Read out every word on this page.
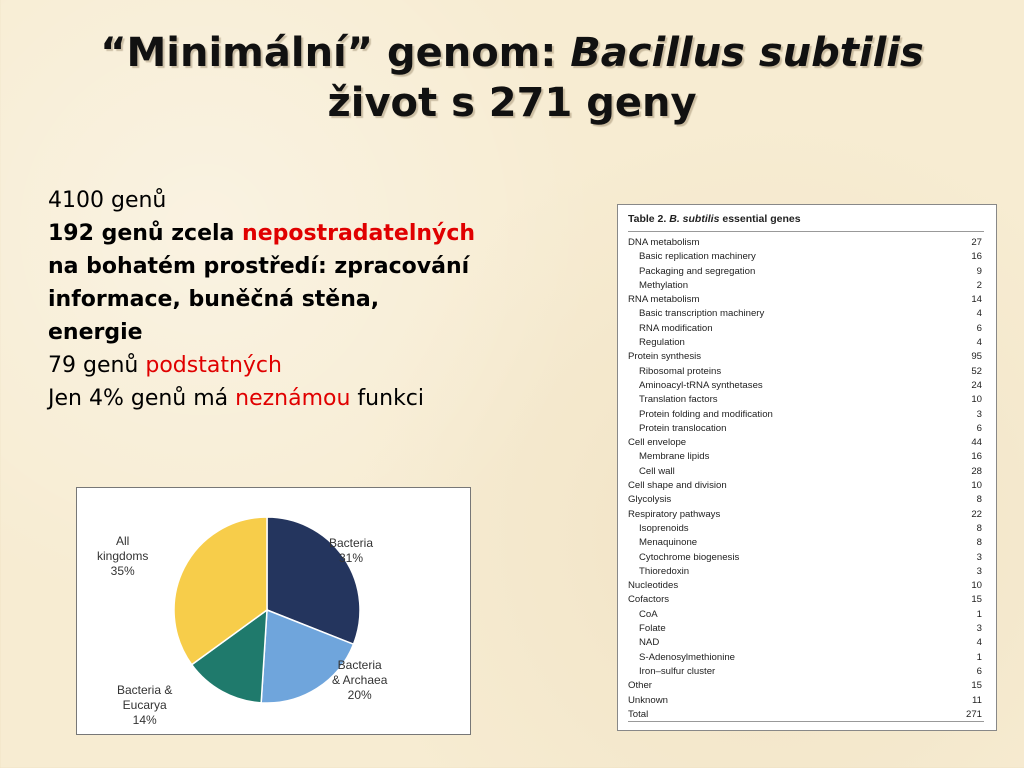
“Minimální” genom: Bacillus subtilis
život s 271 geny
4100 genů
192 genů zcela nepostradatelných
na bohatém prostředí: zpracování
informace, buněčná stěna,
energie
79 genů podstatných
Jen 4% genů má neznámou funkci
Bacteria
31%
Bacteria
& Archaea
20%
Bacteria &
Eucarya
14%
All
kingdoms
35%
Table 2. B. subtilis essential genes
DNA metabolism	27
Basic replication machinery	16
Packaging and segregation	9
Methylation	2
RNA metabolism	14
Basic transcription machinery	4
RNA modification	6
Regulation	4
Protein synthesis	95
Ribosomal proteins	52
Aminoacyl-tRNA synthetases	24
Translation factors	10
Protein folding and modification	3
Protein translocation	6
Cell envelope	44
Membrane lipids	16
Cell wall	28
Cell shape and division	10
Glycolysis	8
Respiratory pathways	22
Isoprenoids	8
Menaquinone	8
Cytochrome biogenesis	3
Thioredoxin	3
Nucleotides	10
Cofactors	15
CoA	1
Folate	3
NAD	4
S-Adenosylmethionine	1
Iron–sulfur cluster	6
Other	15
Unknown	11
Total	271
